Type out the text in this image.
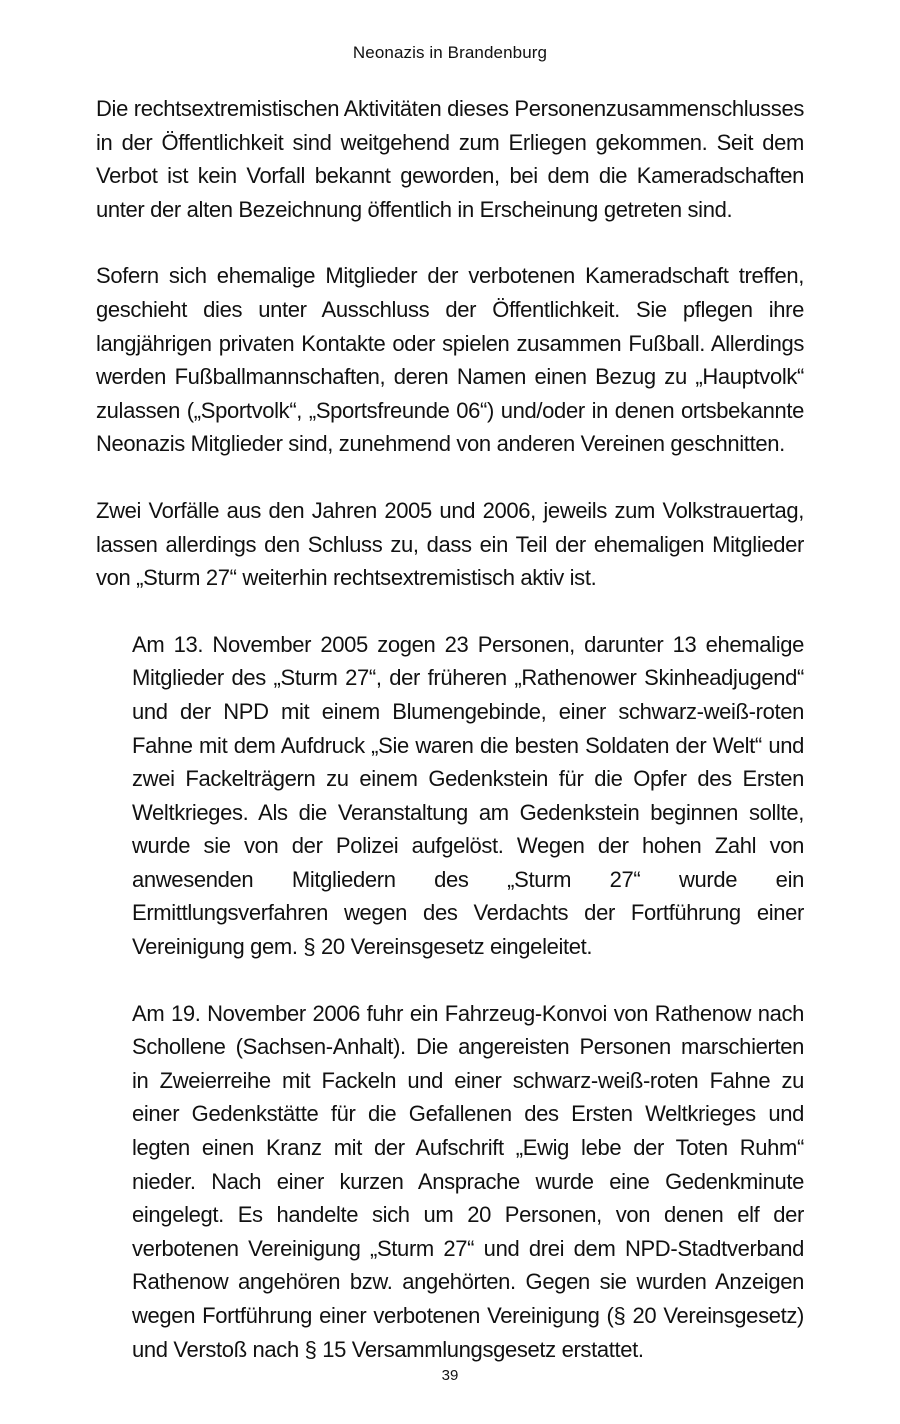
Neonazis in Brandenburg

Die rechtsextremistischen Aktivitäten dieses Personenzusammenschlusses in der Öffentlichkeit sind weitgehend zum Erliegen gekommen. Seit dem Verbot ist kein Vorfall bekannt geworden, bei dem die Kameradschaften unter der alten Bezeichnung öffentlich in Erscheinung getreten sind.

Sofern sich ehemalige Mitglieder der verbotenen Kameradschaft treffen, geschieht dies unter Ausschluss der Öffentlichkeit. Sie pflegen ihre langjährigen privaten Kontakte oder spielen zusammen Fußball. Allerdings werden Fußballmannschaften, deren Namen einen Bezug zu „Hauptvolk“ zulassen („Sportvolk“, „Sportsfreunde 06“) und/oder in denen ortsbekannte Neonazis Mitglieder sind, zunehmend von anderen Vereinen geschnitten.

Zwei Vorfälle aus den Jahren 2005 und 2006, jeweils zum Volkstrauertag, lassen allerdings den Schluss zu, dass ein Teil der ehemaligen Mitglieder von „Sturm 27“ weiterhin rechtsextremistisch aktiv ist.

Am 13. November 2005 zogen 23 Personen, darunter 13 ehemalige Mitglieder des „Sturm 27“, der früheren „Rathenower Skinheadjugend“ und der NPD mit einem Blumengebinde, einer schwarz-weiß-roten Fahne mit dem Aufdruck „Sie waren die besten Soldaten der Welt“ und zwei Fackelträgern zu einem Gedenkstein für die Opfer des Ersten Weltkrieges. Als die Veranstaltung am Gedenkstein beginnen sollte, wurde sie von der Polizei aufgelöst. Wegen der hohen Zahl von anwesenden Mitgliedern des „Sturm 27“ wurde ein Ermittlungsverfahren wegen des Verdachts der Fortführung einer Vereinigung gem. § 20 Vereinsgesetz eingeleitet.

Am 19. November 2006 fuhr ein Fahrzeug-Konvoi von Rathenow nach Schollene (Sachsen-Anhalt). Die angereisten Personen marschierten in Zweierreihe mit Fackeln und einer schwarz-weiß-roten Fahne zu einer Gedenkstätte für die Gefallenen des Ersten Weltkrieges und legten einen Kranz mit der Aufschrift „Ewig lebe der Toten Ruhm“ nieder. Nach einer kurzen Ansprache wurde eine Gedenkminute eingelegt. Es handelte sich um 20 Personen, von denen elf der verbotenen Vereinigung „Sturm 27“ und drei dem NPD-Stadtverband Rathenow angehören bzw. angehörten. Gegen sie wurden Anzeigen wegen Fortführung einer verbotenen Vereinigung (§ 20 Vereinsgesetz) und Verstoß nach § 15 Versammlungsgesetz erstattet.

39
